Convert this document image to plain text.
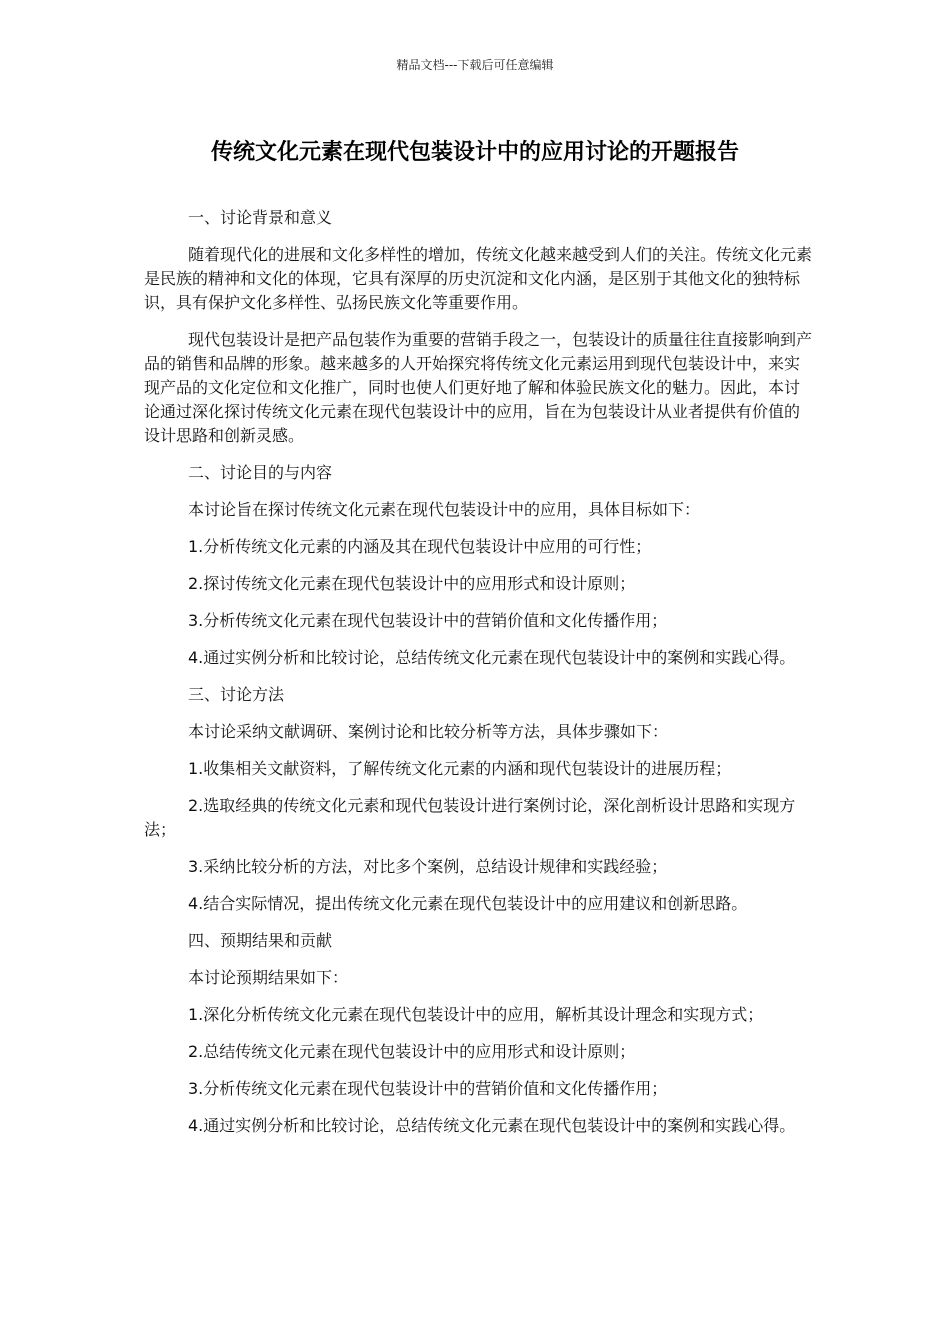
精品文档---下载后可任意编辑
传统文化元素在现代包装设计中的应用讨论的开题报告

一、讨论背景和意义

随着现代化的进展和文化多样性的增加，传统文化越来越受到人们的关注。传统文化元素是民族的精神和文化的体现，它具有深厚的历史沉淀和文化内涵，是区别于其他文化的独特标识，具有保护文化多样性、弘扬民族文化等重要作用。

现代包装设计是把产品包装作为重要的营销手段之一，包装设计的质量往往直接影响到产品的销售和品牌的形象。越来越多的人开始探究将传统文化元素运用到现代包装设计中，来实现产品的文化定位和文化推广，同时也使人们更好地了解和体验民族文化的魅力。因此，本讨论通过深化探讨传统文化元素在现代包装设计中的应用，旨在为包装设计从业者提供有价值的设计思路和创新灵感。

二、讨论目的与内容

本讨论旨在探讨传统文化元素在现代包装设计中的应用，具体目标如下：

1.分析传统文化元素的内涵及其在现代包装设计中应用的可行性；

2.探讨传统文化元素在现代包装设计中的应用形式和设计原则；

3.分析传统文化元素在现代包装设计中的营销价值和文化传播作用；

4.通过实例分析和比较讨论，总结传统文化元素在现代包装设计中的案例和实践心得。

三、讨论方法

本讨论采纳文献调研、案例讨论和比较分析等方法，具体步骤如下：

1.收集相关文献资料，了解传统文化元素的内涵和现代包装设计的进展历程；

2.选取经典的传统文化元素和现代包装设计进行案例讨论，深化剖析设计思路和实现方法；

3.采纳比较分析的方法，对比多个案例，总结设计规律和实践经验；

4.结合实际情况，提出传统文化元素在现代包装设计中的应用建议和创新思路。

四、预期结果和贡献

本讨论预期结果如下：

1.深化分析传统文化元素在现代包装设计中的应用，解析其设计理念和实现方式；

2.总结传统文化元素在现代包装设计中的应用形式和设计原则；

3.分析传统文化元素在现代包装设计中的营销价值和文化传播作用；

4.通过实例分析和比较讨论，总结传统文化元素在现代包装设计中的案例和实践心得。
